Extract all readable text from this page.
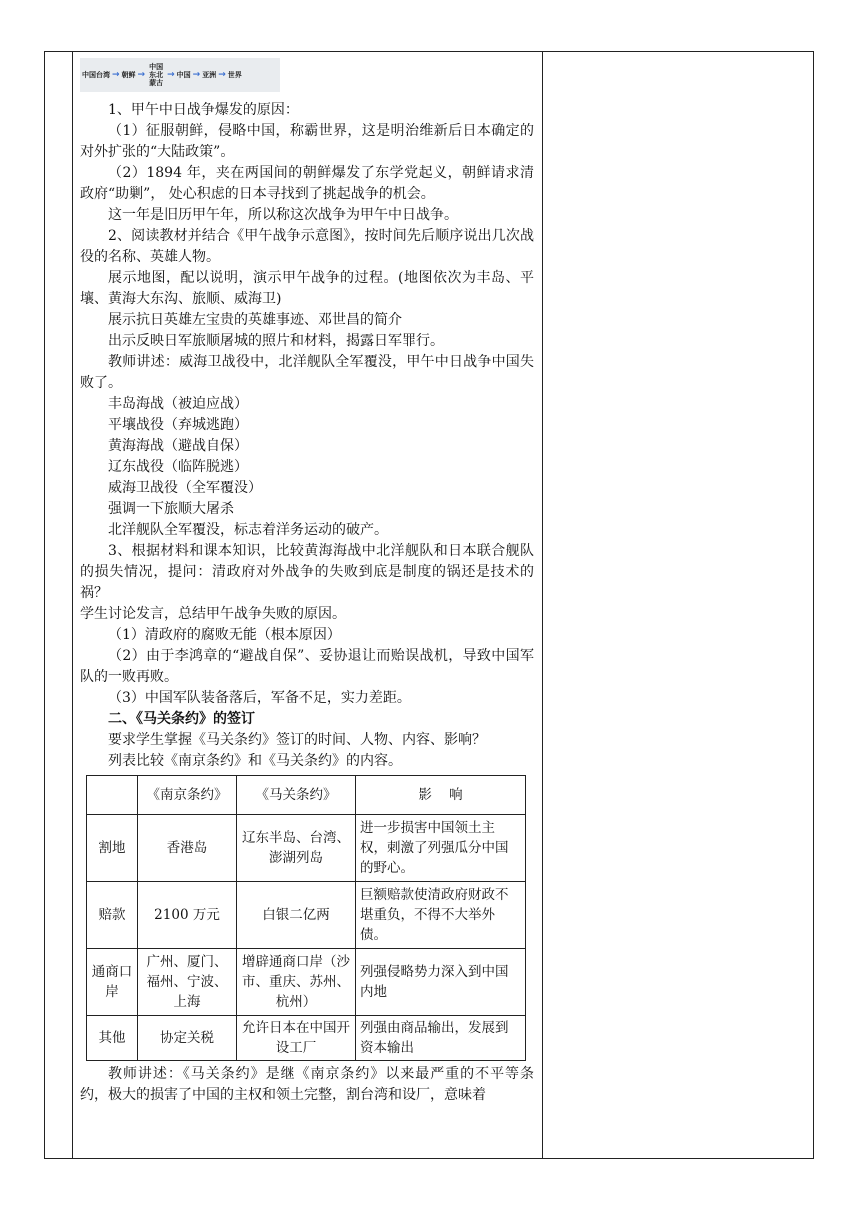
中国台湾 → 朝鲜 →
中国东北蒙古
→ 中国 → 亚洲 → 世界

1、甲午中日战争爆发的原因：

（1）征服朝鲜，侵略中国，称霸世界，这是明治维新后日本确定的对外扩张的“大陆政策”。

（2）1894 年，夹在两国间的朝鲜爆发了东学党起义，朝鲜请求清政府“助剿”， 处心积虑的日本寻找到了挑起战争的机会。

这一年是旧历甲午年，所以称这次战争为甲午中日战争。

2、阅读教材并结合《甲午战争示意图》，按时间先后顺序说出几次战役的名称、英雄人物。

展示地图，配以说明，演示甲午战争的过程。(地图依次为丰岛、平壤、黄海大东沟、旅顺、威海卫)

展示抗日英雄左宝贵的英雄事迹、邓世昌的简介

出示反映日军旅顺屠城的照片和材料，揭露日军罪行。

教师讲述：威海卫战役中，北洋舰队全军覆没，甲午中日战争中国失败了。

丰岛海战（被迫应战）

平壤战役（弃城逃跑）

黄海海战（避战自保）

辽东战役（临阵脱逃）

威海卫战役（全军覆没）

强调一下旅顺大屠杀

北洋舰队全军覆没，标志着洋务运动的破产。

3、根据材料和课本知识，比较黄海海战中北洋舰队和日本联合舰队的损失情况，提问：清政府对外战争的失败到底是制度的锅还是技术的祸？

学生讨论发言，总结甲午战争失败的原因。

（1）清政府的腐败无能（根本原因）

（2）由于李鸿章的“避战自保”、妥协退让而贻误战机，导致中国军队的一败再败。

（3）中国军队装备落后，军备不足，实力差距。

二、《马关条约》的签订

要求学生掌握《马关条约》签订的时间、人物、内容、影响？

列表比较《南京条约》和《马关条约》的内容。

	《南京条约》	《马关条约》	影    响
割地	香港岛	辽东半岛、台湾、澎湖列岛	进一步损害中国领土主权，刺激了列强瓜分中国的野心。
赔款	2100 万元	白银二亿两	巨额赔款使清政府财政不堪重负，不得不大举外债。
通商口岸	广州、厦门、福州、宁波、上海	增辟通商口岸（沙市、重庆、苏州、杭州）	列强侵略势力深入到中国内地
其他	协定关税	允许日本在中国开设工厂	列强由商品输出，发展到资本输出

教师讲述：《马关条约》是继《南京条约》以来最严重的不平等条约，极大的损害了中国的主权和领土完整，割台湾和设厂，意味着
